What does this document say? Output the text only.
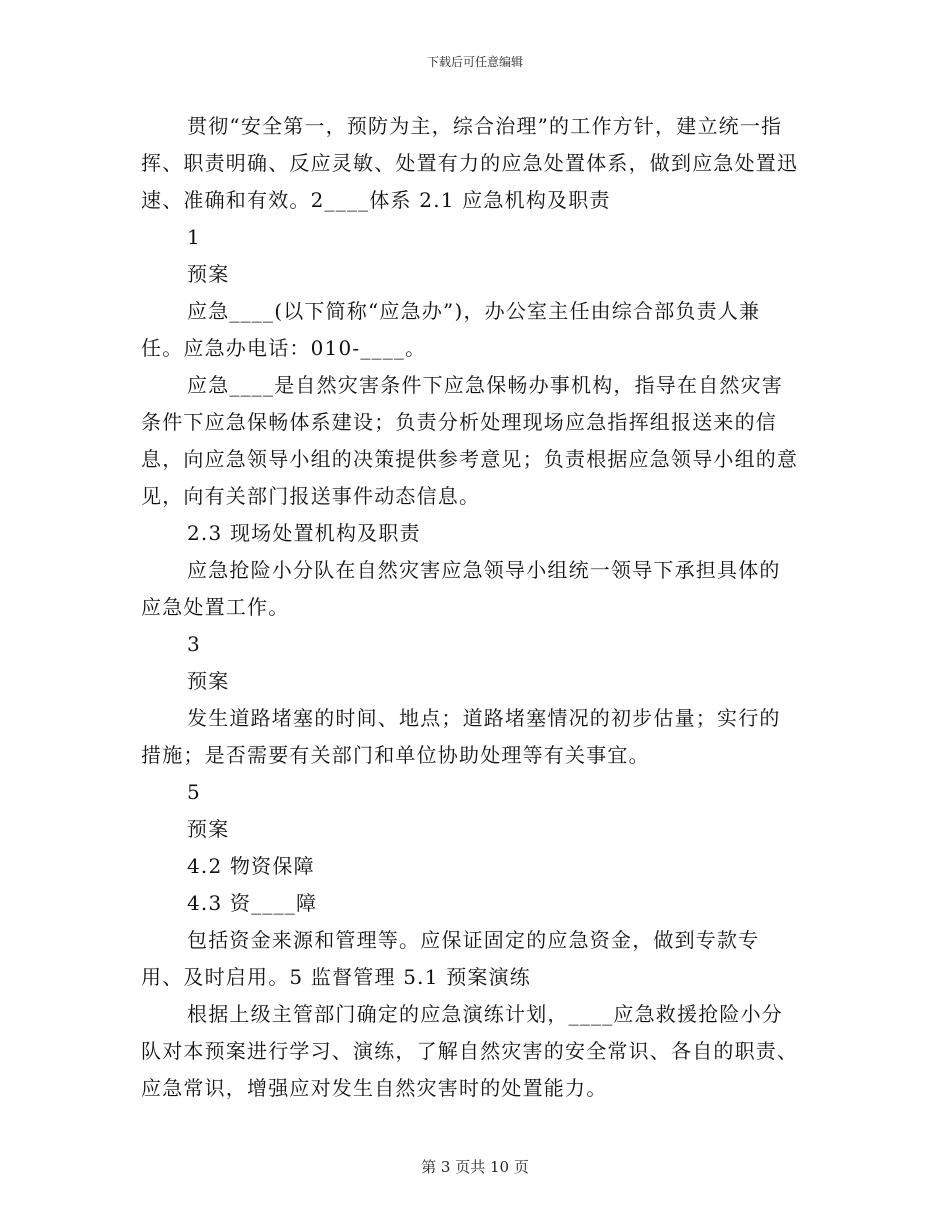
下载后可任意编辑

贯彻“安全第一，预防为主，综合治理”的工作方针，建立统一指挥、职责明确、反应灵敏、处置有力的应急处置体系，做到应急处置迅速、准确和有效。2____体系 2.1 应急机构及职责

1

预案

应急____(以下简称“应急办”)，办公室主任由综合部负责人兼任。应急办电话：010-____。

应急____是自然灾害条件下应急保畅办事机构，指导在自然灾害条件下应急保畅体系建设；负责分析处理现场应急指挥组报送来的信息，向应急领导小组的决策提供参考意见；负责根据应急领导小组的意见，向有关部门报送事件动态信息。

2.3 现场处置机构及职责

应急抢险小分队在自然灾害应急领导小组统一领导下承担具体的应急处置工作。

3

预案

发生道路堵塞的时间、地点；道路堵塞情况的初步估量；实行的措施；是否需要有关部门和单位协助处理等有关事宜。

5

预案

4.2 物资保障

4.3 资____障

包括资金来源和管理等。应保证固定的应急资金，做到专款专用、及时启用。5 监督管理 5.1 预案演练

根据上级主管部门确定的应急演练计划，____应急救援抢险小分队对本预案进行学习、演练，了解自然灾害的安全常识、各自的职责、应急常识，增强应对发生自然灾害时的处置能力。

第 3 页共 10 页
